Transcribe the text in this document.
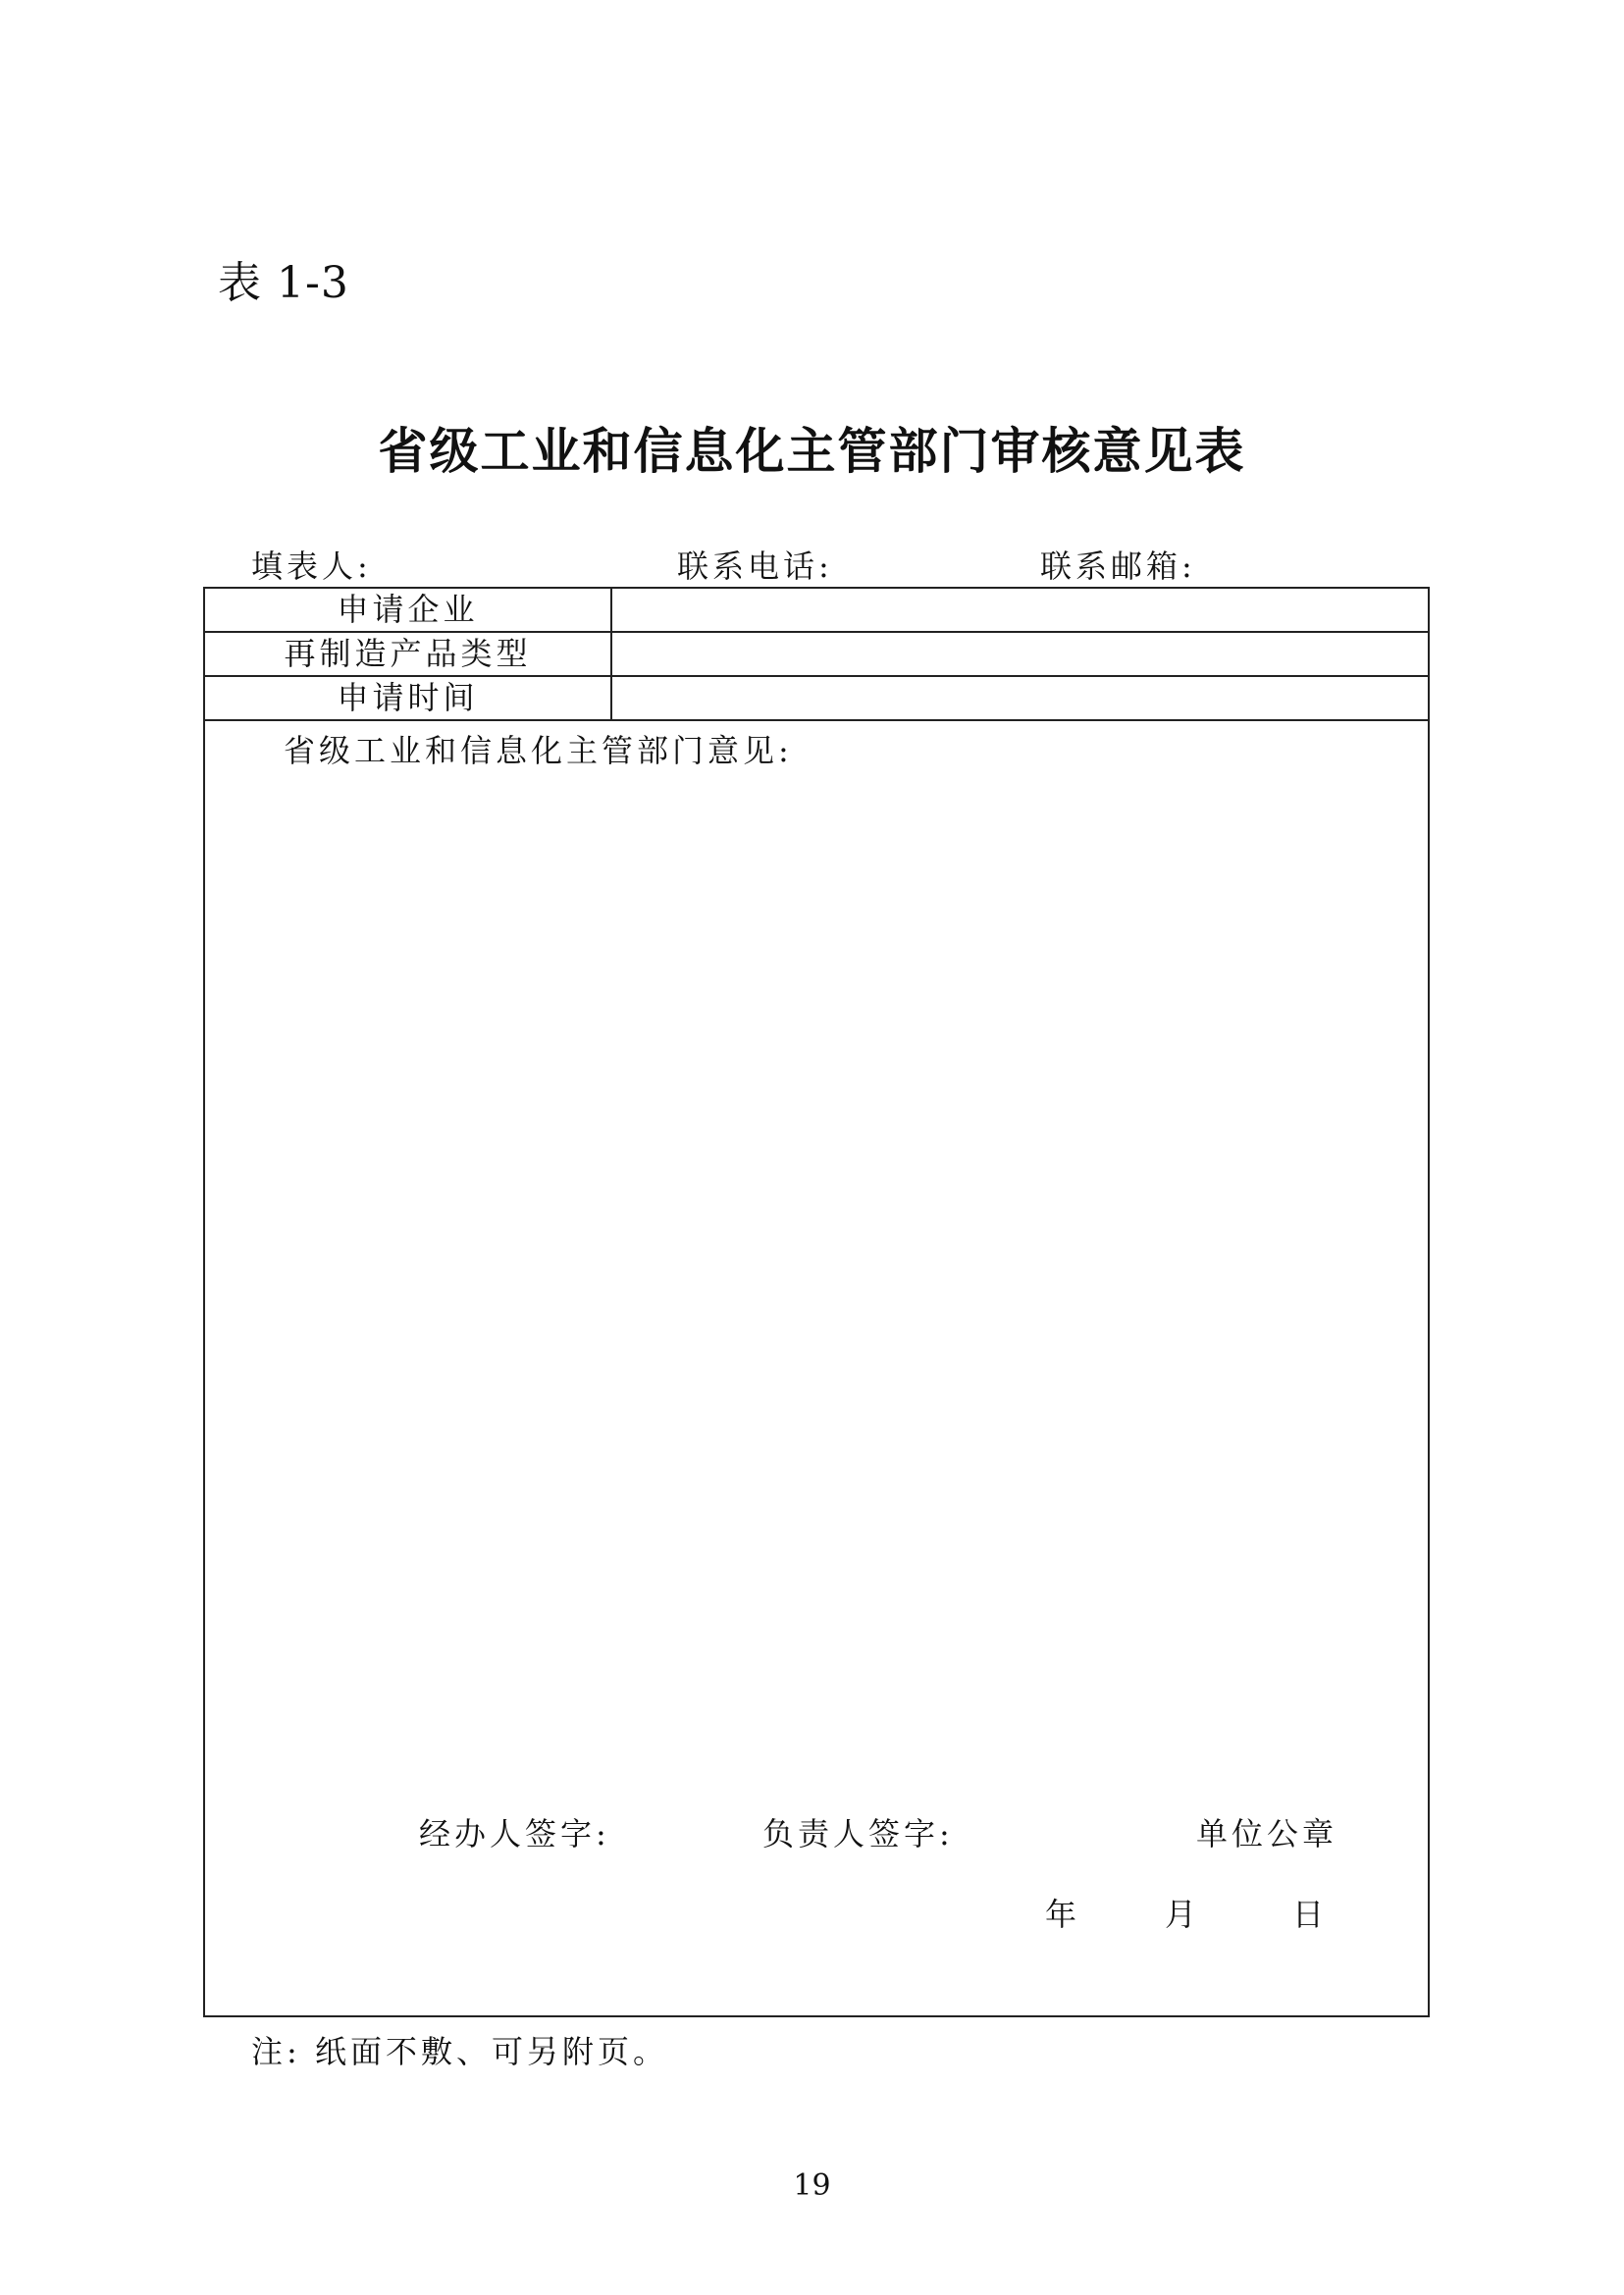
表 1-3
省级工业和信息化主管部门审核意见表
填表人:	联系电话:	联系邮箱:
申请企业
再制造产品类型
申请时间
省级工业和信息化主管部门意见:
经办人签字:	负责人签字:	单位公章
年	月	日
注: 纸面不敷、可另附页。
19
